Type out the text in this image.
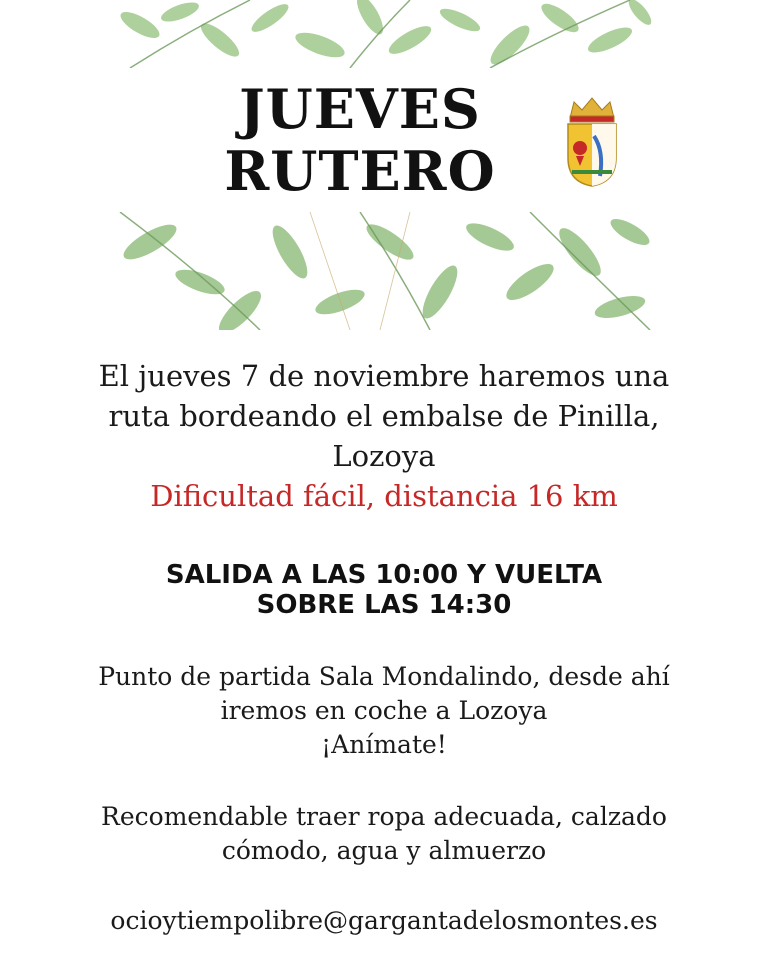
JUEVES
RUTERO
El jueves 7 de noviembre haremos una
ruta bordeando el embalse de Pinilla,
Lozoya
Dificultad fácil, distancia 16 km
SALIDA A LAS 10:00 Y VUELTA
SOBRE LAS 14:30
Punto de partida Sala Mondalindo, desde ahí
iremos en coche a Lozoya
¡Anímate!
Recomendable traer ropa adecuada, calzado
cómodo, agua y almuerzo
ocioytiempolibre@gargantadelosmontes.es
